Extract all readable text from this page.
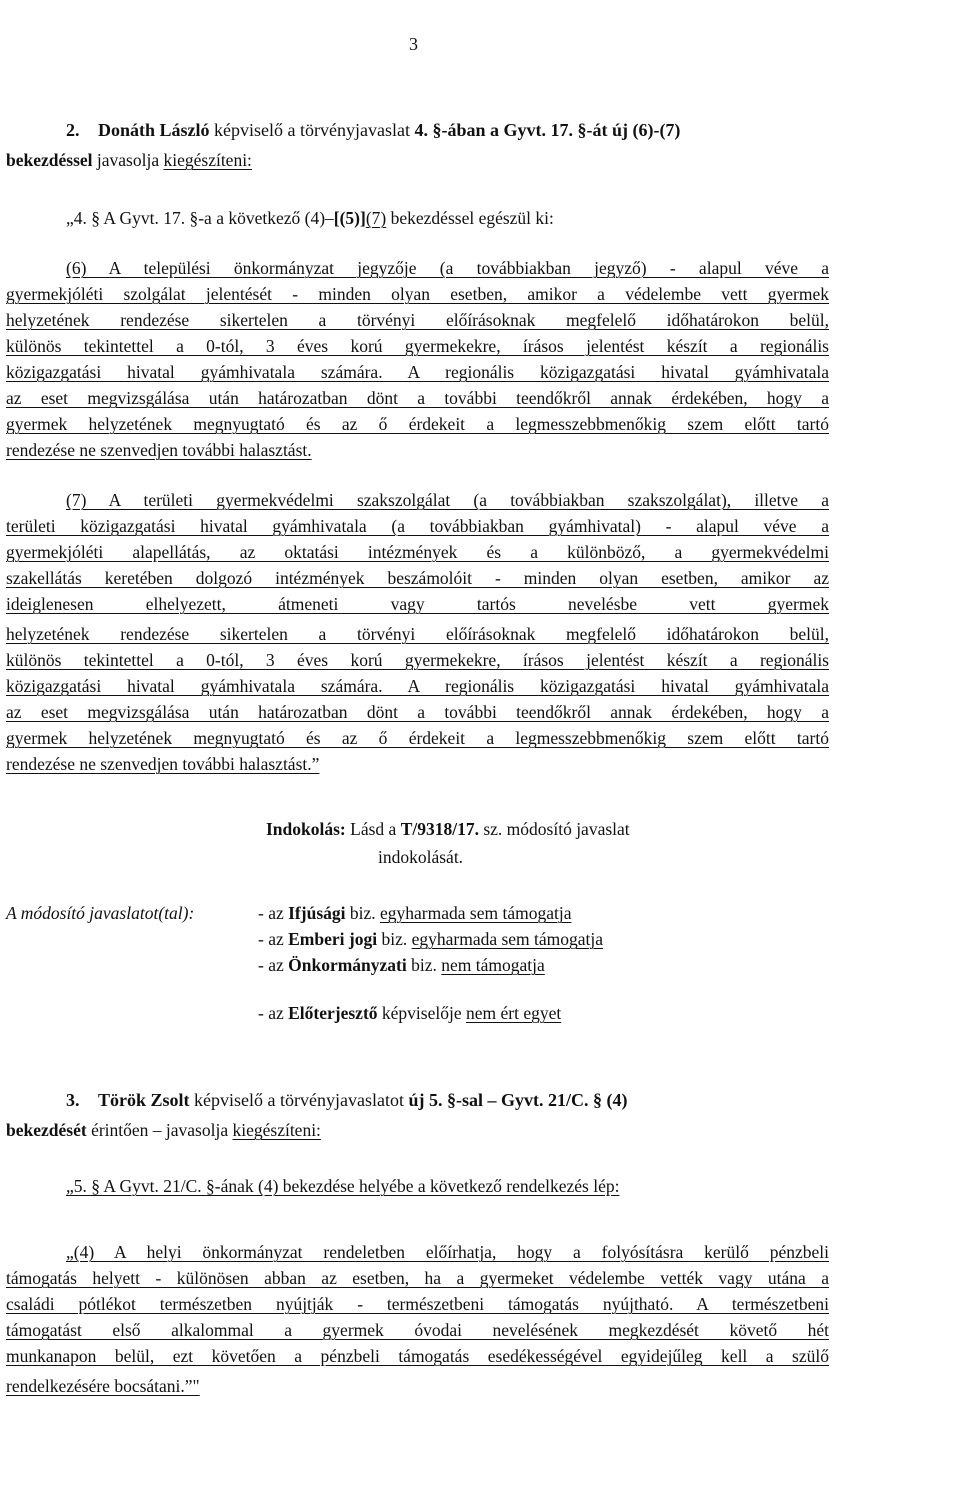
3
2. Donáth László képviselő a törvényjavaslat 4. §-ában a Gyvt. 17. §-át új (6)-(7)
bekezdéssel javasolja kiegészíteni:
„4. § A Gyvt. 17. §-a a következő (4)–[(5)](7) bekezdéssel egészül ki:
(6) A települési önkormányzat jegyzője (a továbbiakban jegyző) - alapul véve a
gyermekjóléti szolgálat jelentését - minden olyan esetben, amikor a védelembe vett gyermek
helyzetének rendezése sikertelen a törvényi előírásoknak megfelelő időhatárokon belül,
különös tekintettel a 0-tól, 3 éves korú gyermekekre, írásos jelentést készít a regionális
közigazgatási hivatal gyámhivatala számára. A regionális közigazgatási hivatal gyámhivatala
az eset megvizsgálása után határozatban dönt a további teendőkről annak érdekében, hogy a
gyermek helyzetének megnyugtató és az ő érdekeit a legmesszebbmenőkig szem előtt tartó
rendezése ne szenvedjen további halasztást.
(7) A területi gyermekvédelmi szakszolgálat (a továbbiakban szakszolgálat), illetve a
területi közigazgatási hivatal gyámhivatala (a továbbiakban gyámhivatal) - alapul véve a
gyermekjóléti alapellátás, az oktatási intézmények és a különböző, a gyermekvédelmi
szakellátás keretében dolgozó intézmények beszámolóit - minden olyan esetben, amikor az
ideiglenesen elhelyezett, átmeneti vagy tartós nevelésbe vett gyermek
helyzetének rendezése sikertelen a törvényi előírásoknak megfelelő időhatárokon belül,
különös tekintettel a 0-tól, 3 éves korú gyermekekre, írásos jelentést készít a regionális
közigazgatási hivatal gyámhivatala számára. A regionális közigazgatási hivatal gyámhivatala
az eset megvizsgálása után határozatban dönt a további teendőkről annak érdekében, hogy a
gyermek helyzetének megnyugtató és az ő érdekeit a legmesszebbmenőkig szem előtt tartó
rendezése ne szenvedjen további halasztást.”
Indokolás: Lásd a T/9318/17. sz. módosító javaslat
indokolását.
A módosító javaslatot(tal):	- az Ifjúsági biz. egyharmada sem támogatja
- az Emberi jogi biz. egyharmada sem támogatja
- az Önkormányzati biz. nem támogatja
- az Előterjesztő képviselője nem ért egyet
3. Török Zsolt képviselő a törvényjavaslatot új 5. §-sal – Gyvt. 21/C. § (4)
bekezdését érintően – javasolja kiegészíteni:
„5. § A Gyvt. 21/C. §-ának (4) bekezdése helyébe a következő rendelkezés lép:
„(4) A helyi önkormányzat rendeletben előírhatja, hogy a folyósításra kerülő pénzbeli
támogatás helyett - különösen abban az esetben, ha a gyermeket védelembe vették vagy utána a
családi pótlékot természetben nyújtják - természetbeni támogatás nyújtható. A természetbeni
támogatást első alkalommal a gyermek óvodai nevelésének megkezdését követő hét
munkanapon belül, ezt követően a pénzbeli támogatás esedékességével egyidejűleg kell a szülő
rendelkezésére bocsátani.”"
